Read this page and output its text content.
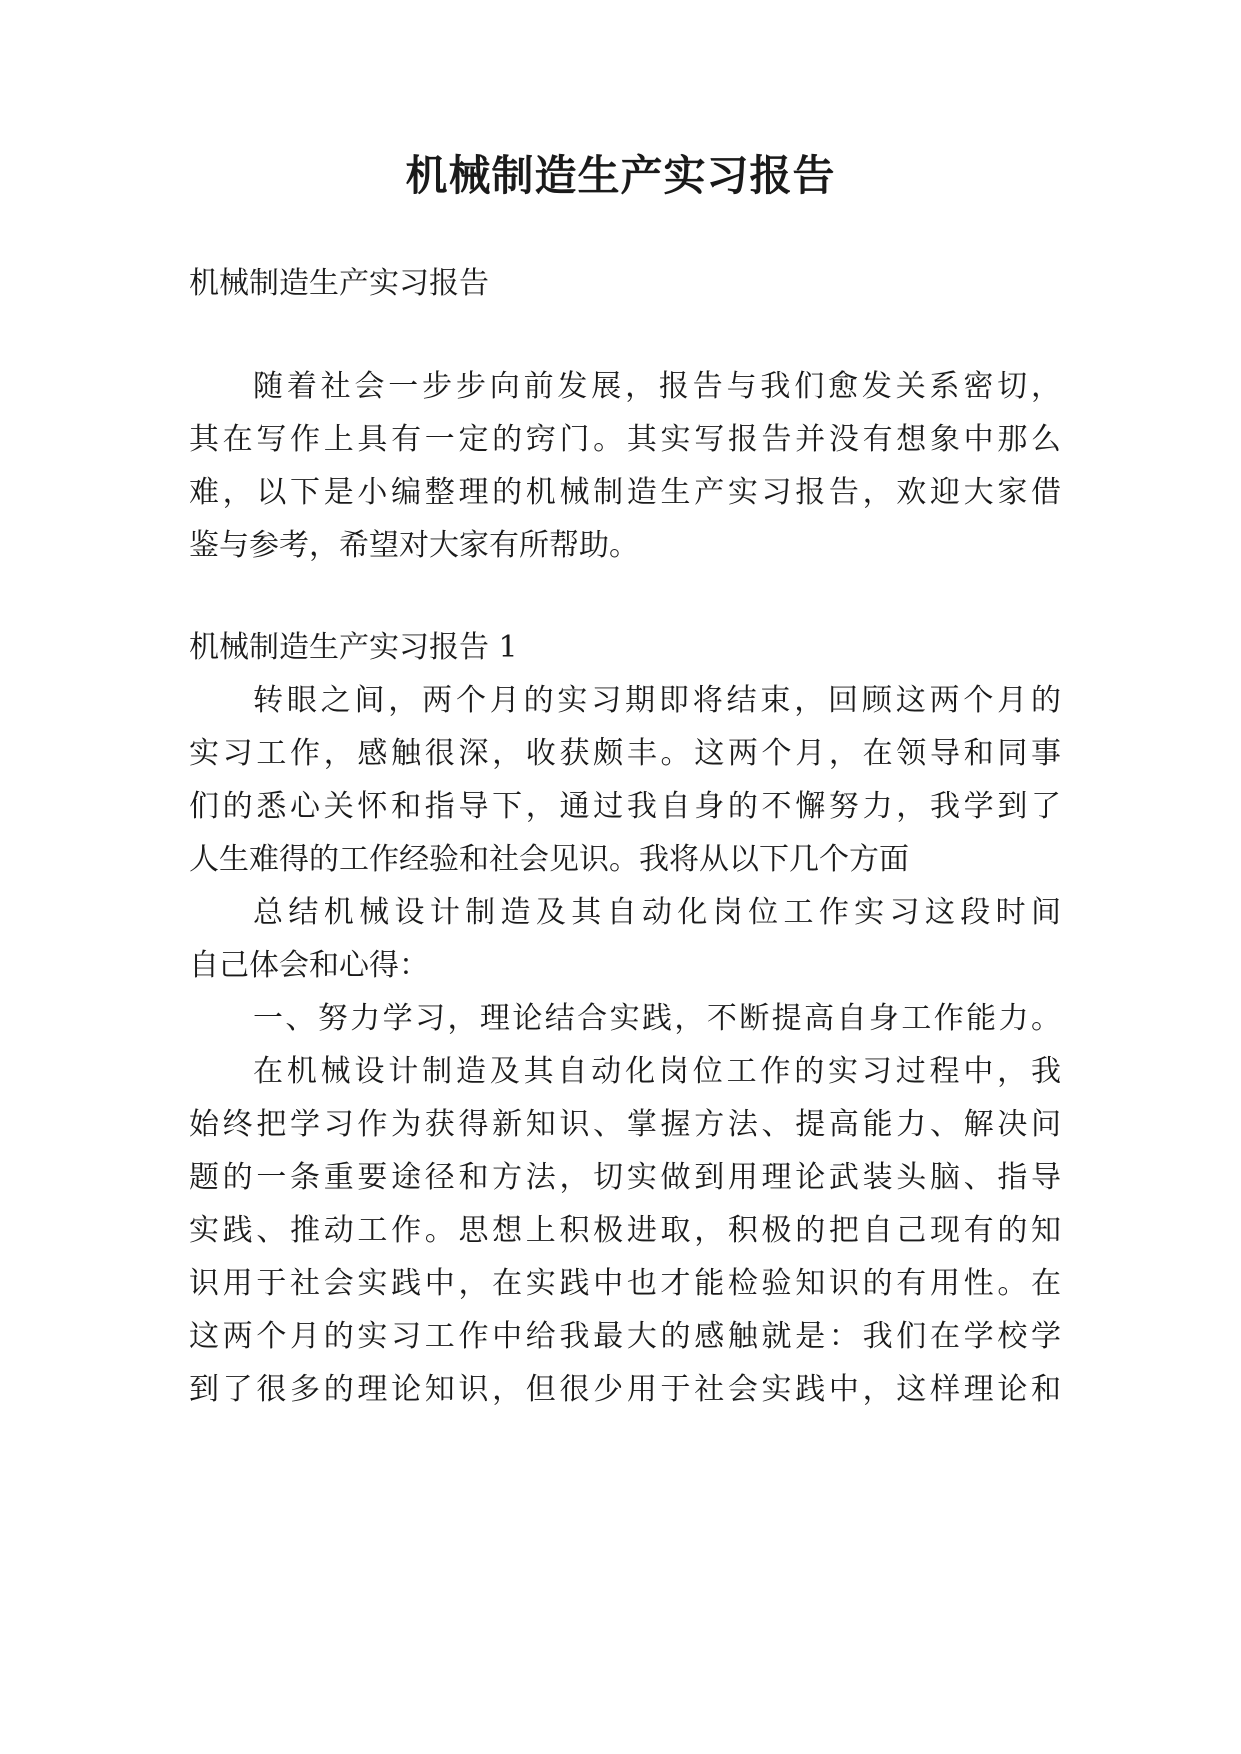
机械制造生产实习报告

机械制造生产实习报告

随着社会一步步向前发展，报告与我们愈发关系密切，

其在写作上具有一定的窍门。其实写报告并没有想象中那么

难，以下是小编整理的机械制造生产实习报告，欢迎大家借

鉴与参考，希望对大家有所帮助。

机械制造生产实习报告 1

转眼之间，两个月的实习期即将结束，回顾这两个月的

实习工作，感触很深，收获颇丰。这两个月，在领导和同事

们的悉心关怀和指导下，通过我自身的不懈努力，我学到了

人生难得的工作经验和社会见识。我将从以下几个方面

总结机械设计制造及其自动化岗位工作实习这段时间

自己体会和心得：

一、努力学习，理论结合实践，不断提高自身工作能力。

在机械设计制造及其自动化岗位工作的实习过程中，我

始终把学习作为获得新知识、掌握方法、提高能力、解决问

题的一条重要途径和方法，切实做到用理论武装头脑、指导

实践、推动工作。思想上积极进取，积极的把自己现有的知

识用于社会实践中，在实践中也才能检验知识的有用性。在

这两个月的实习工作中给我最大的感触就是：我们在学校学

到了很多的理论知识，但很少用于社会实践中，这样理论和
